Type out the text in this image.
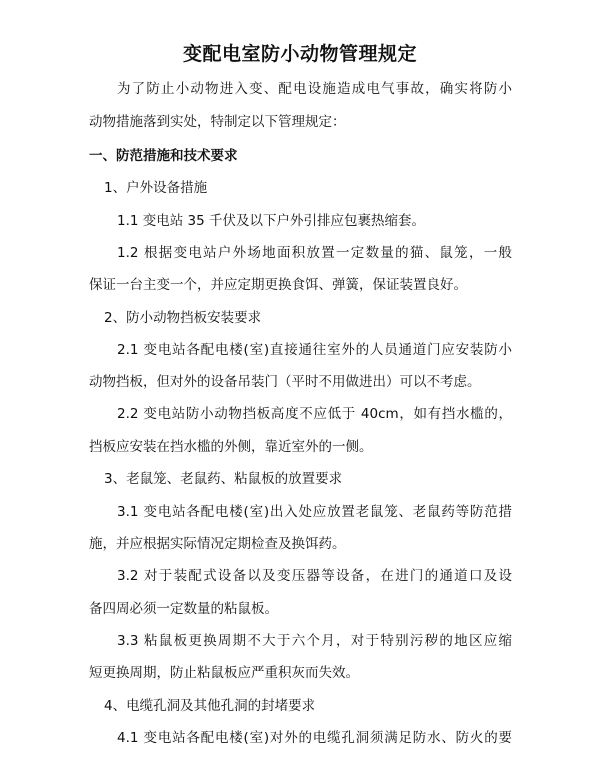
变配电室防小动物管理规定
为了防止小动物进入变、配电设施造成电气事故，确实将防小
动物措施落到实处，特制定以下管理规定：
一、防范措施和技术要求
1、户外设备措施
1.1 变电站 35 千伏及以下户外引排应包裹热缩套。
1.2 根据变电站户外场地面积放置一定数量的猫、鼠笼，一般
保证一台主变一个，并应定期更换食饵、弹簧，保证装置良好。
2、防小动物挡板安装要求
2.1 变电站各配电楼(室)直接通往室外的人员通道门应安装防小
动物挡板，但对外的设备吊装门（平时不用做进出）可以不考虑。
2.2 变电站防小动物挡板高度不应低于 40cm，如有挡水槛的，
挡板应安装在挡水槛的外侧，靠近室外的一侧。
3、老鼠笼、老鼠药、粘鼠板的放置要求
3.1 变电站各配电楼(室)出入处应放置老鼠笼、老鼠药等防范措
施，并应根据实际情况定期检查及换饵药。
3.2 对于装配式设备以及变压器等设备，在进门的通道口及设
备四周必须一定数量的粘鼠板。
3.3 粘鼠板更换周期不大于六个月，对于特别污秽的地区应缩
短更换周期，防止粘鼠板应严重积灰而失效。
4、电缆孔洞及其他孔洞的封堵要求
4.1 变电站各配电楼(室)对外的电缆孔洞须满足防水、防火的要
